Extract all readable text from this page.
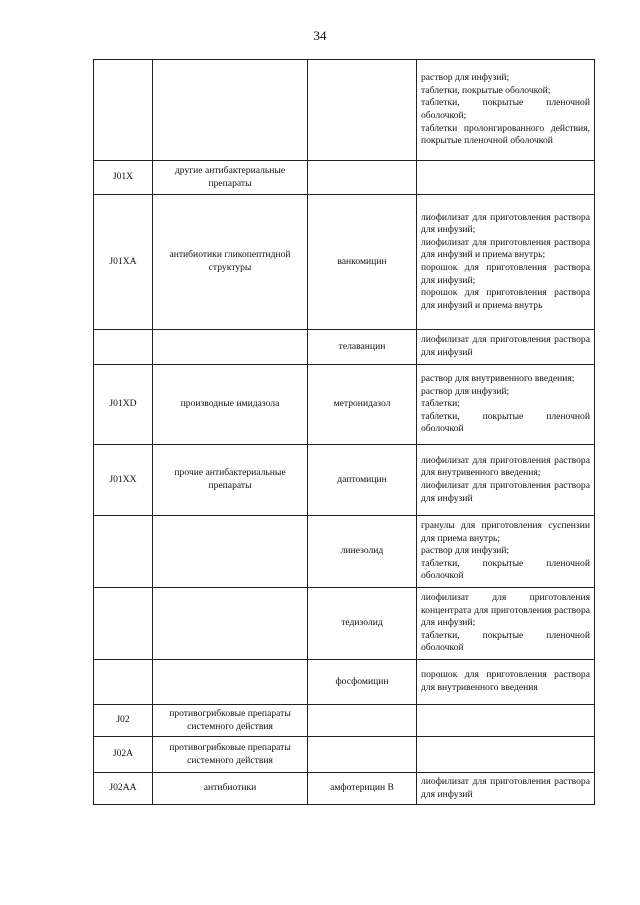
34

			раствор для инфузий;
таблетки, покрытые оболочкой;
таблетки, покрытые пленочной оболочкой;
таблетки пролонгированного действия, покрытые пленочной оболочкой

J01X	другие антибактериальные препараты		
J01XA	антибиотики гликопептидной структуры	ванкомицин	лиофилизат для приготовления раствора для инфузий;
лиофилизат для приготовления раствора для инфузий и приема внутрь;
порошок для приготовления раствора для инфузий;
порошок для приготовления раствора для инфузий и приема внутрь

		телаванцин	лиофилизат для приготовления раствора для инфузий

J01XD	производные имидазола	метронидазол	раствор для внутривенного введения;
раствор для инфузий;
таблетки;
таблетки, покрытые пленочной оболочкой

J01XX	прочие антибактериальные препараты	даптомицин	лиофилизат для приготовления раствора для внутривенного введения;
лиофилизат для приготовления раствора для инфузий

		линезолид	гранулы для приготовления суспензии для приема внутрь;
раствор для инфузий;
таблетки, покрытые пленочной оболочкой

		тедизолид	лиофилизат для приготовления концентрата для приготовления раствора для инфузий;
таблетки, покрытые пленочной оболочкой

		фосфомицин	порошок для приготовления раствора для внутривенного введения

J02	противогрибковые препараты системного действия		
J02A	противогрибковые препараты системного действия		
J02AA	антибиотики	амфотерицин В	лиофилизат для приготовления раствора для инфузий
